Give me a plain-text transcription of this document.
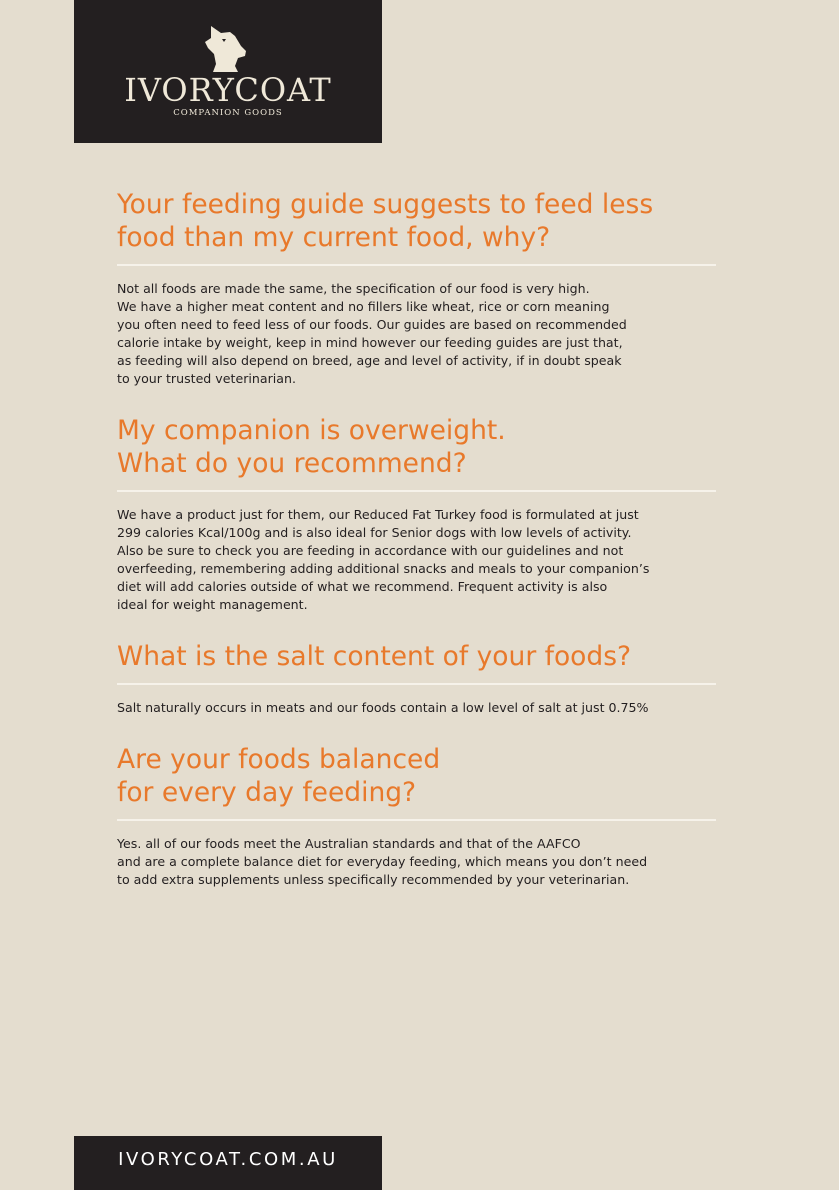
IVORYCOAT
COMPANION GOODS
Your feeding guide suggests to feed less
food than my current food, why?

Not all foods are made the same, the specification of our food is very high.
We have a higher meat content and no fillers like wheat, rice or corn meaning
you often need to feed less of our foods. Our guides are based on recommended
calorie intake by weight, keep in mind however our feeding guides are just that,
as feeding will also depend on breed, age and level of activity, if in doubt speak
to your trusted veterinarian.

My companion is overweight.
What do you recommend?

We have a product just for them, our Reduced Fat Turkey food is formulated at just
299 calories Kcal/100g and is also ideal for Senior dogs with low levels of activity.
Also be sure to check you are feeding in accordance with our guidelines and not
overfeeding, remembering adding additional snacks and meals to your companion’s
diet will add calories outside of what we recommend. Frequent activity is also
ideal for weight management.

What is the salt content of your foods?

Salt naturally occurs in meats and our foods contain a low level of salt at just 0.75%

Are your foods balanced
for every day feeding?

Yes. all of our foods meet the Australian standards and that of the AAFCO
and are a complete balance diet for everyday feeding, which means you don’t need
to add extra supplements unless specifically recommended by your veterinarian.

IVORYCOAT.COM.AU
